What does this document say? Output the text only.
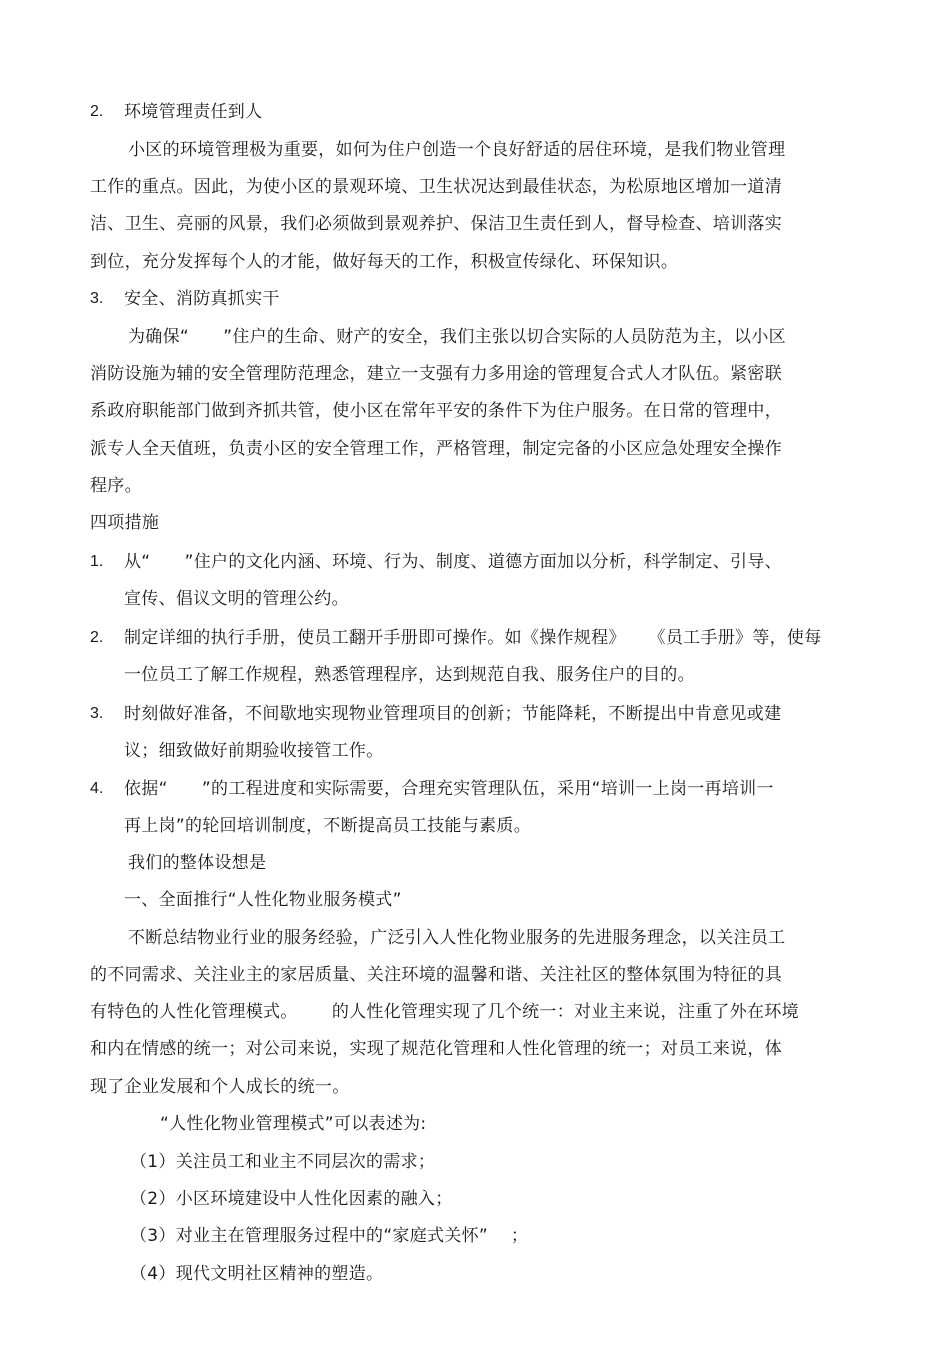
2. 环境管理责任到人
小区的环境管理极为重要，如何为住户创造一个良好舒适的居住环境，是我们物业管理
工作的重点。因此，为使小区的景观环境、卫生状况达到最佳状态，为松原地区增加一道清
洁、卫生、亮丽的风景，我们必须做到景观养护、保洁卫生责任到人，督导检查、培训落实
到位，充分发挥每个人的才能，做好每天的工作，积极宣传绿化、环保知识。
3. 安全、消防真抓实干
为确保“      ”住户的生命、财产的安全，我们主张以切合实际的人员防范为主，以小区
消防设施为辅的安全管理防范理念，建立一支强有力多用途的管理复合式人才队伍。紧密联
系政府职能部门做到齐抓共管，使小区在常年平安的条件下为住户服务。在日常的管理中，
派专人全天值班，负责小区的安全管理工作，严格管理，制定完备的小区应急处理安全操作
程序。
四项措施
1. 从“      ”住户的文化内涵、环境、行为、制度、道德方面加以分析，科学制定、引导、
宣传、倡议文明的管理公约。
2. 制定详细的执行手册，使员工翻开手册即可操作。如《操作规程》    《员工手册》等，使每
一位员工了解工作规程，熟悉管理程序，达到规范自我、服务住户的目的。
3. 时刻做好准备，不间歇地实现物业管理项目的创新；节能降耗，不断提出中肯意见或建
议；细致做好前期验收接管工作。
4. 依据“      ”的工程进度和实际需要，合理充实管理队伍，采用“培训一上岗一再培训一
再上岗”的轮回培训制度，不断提高员工技能与素质。
我们的整体设想是
一、全面推行“人性化物业服务模式”
不断总结物业行业的服务经验，广泛引入人性化物业服务的先进服务理念，以关注员工
的不同需求、关注业主的家居质量、关注环境的温馨和谐、关注社区的整体氛围为特征的具
有特色的人性化管理模式。      的人性化管理实现了几个统一：对业主来说，注重了外在环境
和内在情感的统一；对公司来说，实现了规范化管理和人性化管理的统一；对员工来说，体
现了企业发展和个人成长的统一。
“人性化物业管理模式”可以表述为:
（1）关注员工和业主不同层次的需求；
（2）小区环境建设中人性化因素的融入；
（3）对业主在管理服务过程中的“家庭式关怀”    ；
（4）现代文明社区精神的塑造。
